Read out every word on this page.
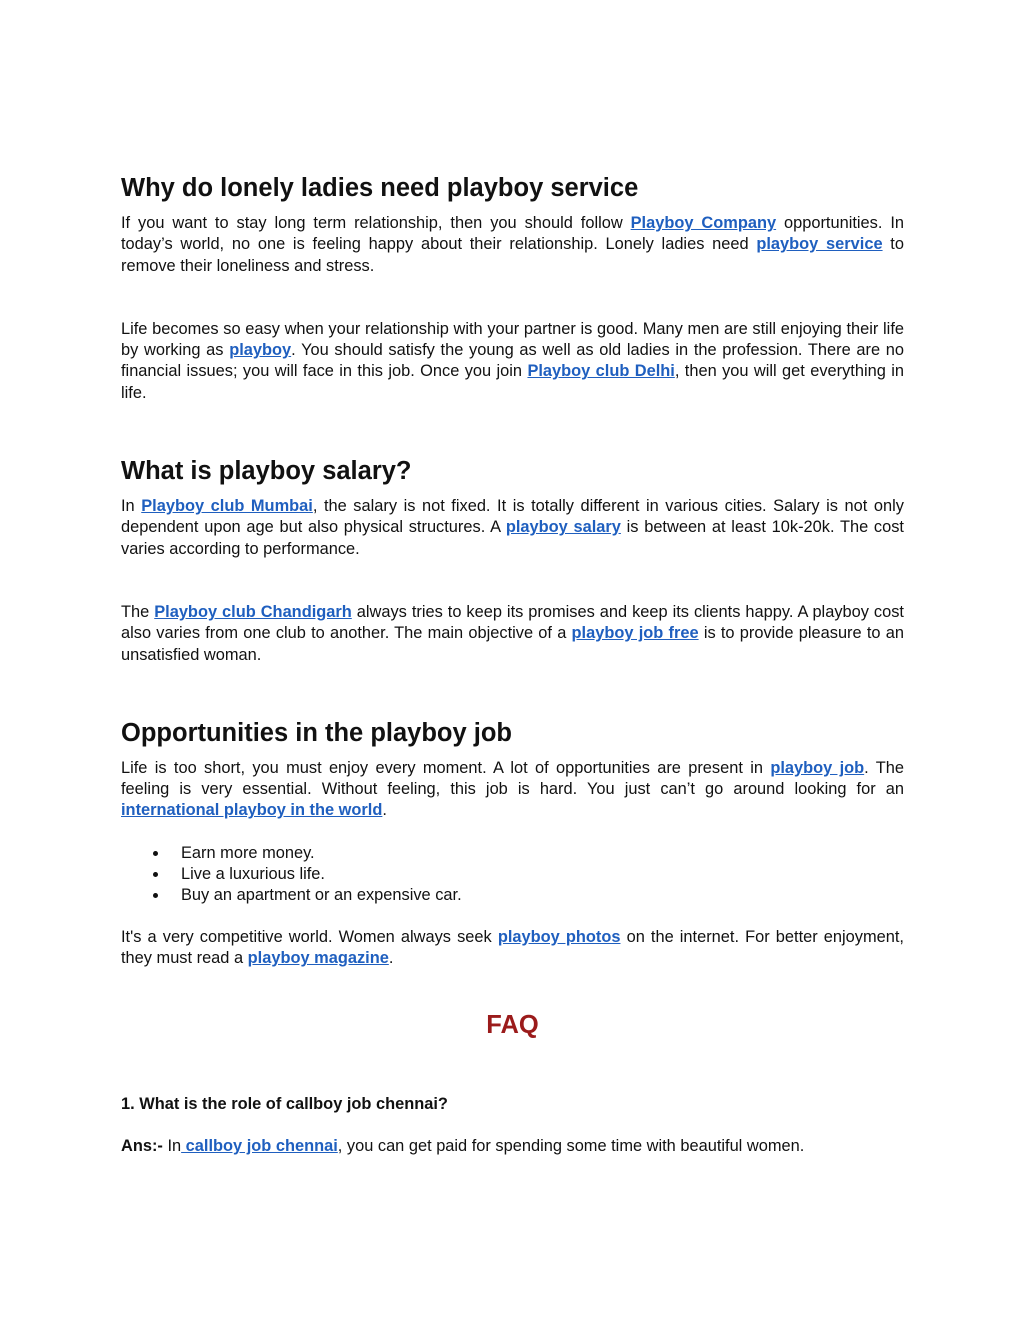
Why do lonely ladies need playboy service

If you want to stay long term relationship, then you should follow Playboy Company opportunities. In today’s world, no one is feeling happy about their relationship. Lonely ladies need playboy service to remove their loneliness and stress.

Life becomes so easy when your relationship with your partner is good. Many men are still enjoying their life by working as playboy. You should satisfy the young as well as old ladies in the profession. There are no financial issues; you will face in this job. Once you join Playboy club Delhi, then you will get everything in life.

What is playboy salary?

In Playboy club Mumbai, the salary is not fixed. It is totally different in various cities. Salary is not only dependent upon age but also physical structures. A playboy salary is between at least 10k-20k. The cost varies according to performance.

The Playboy club Chandigarh always tries to keep its promises and keep its clients happy. A playboy cost also varies from one club to another. The main objective of a playboy job free is to provide pleasure to an unsatisfied woman.

Opportunities in the playboy job

Life is too short, you must enjoy every moment. A lot of opportunities are present in playboy job. The feeling is very essential. Without feeling, this job is hard. You just can’t go around looking for an international playboy in the world.

Earn more money.
Live a luxurious life.
Buy an apartment or an expensive car.

It's a very competitive world. Women always seek playboy photos on the internet. For better enjoyment, they must read a playboy magazine.

FAQ

1. What is the role of callboy job chennai?

Ans:- In callboy job chennai, you can get paid for spending some time with beautiful women.
